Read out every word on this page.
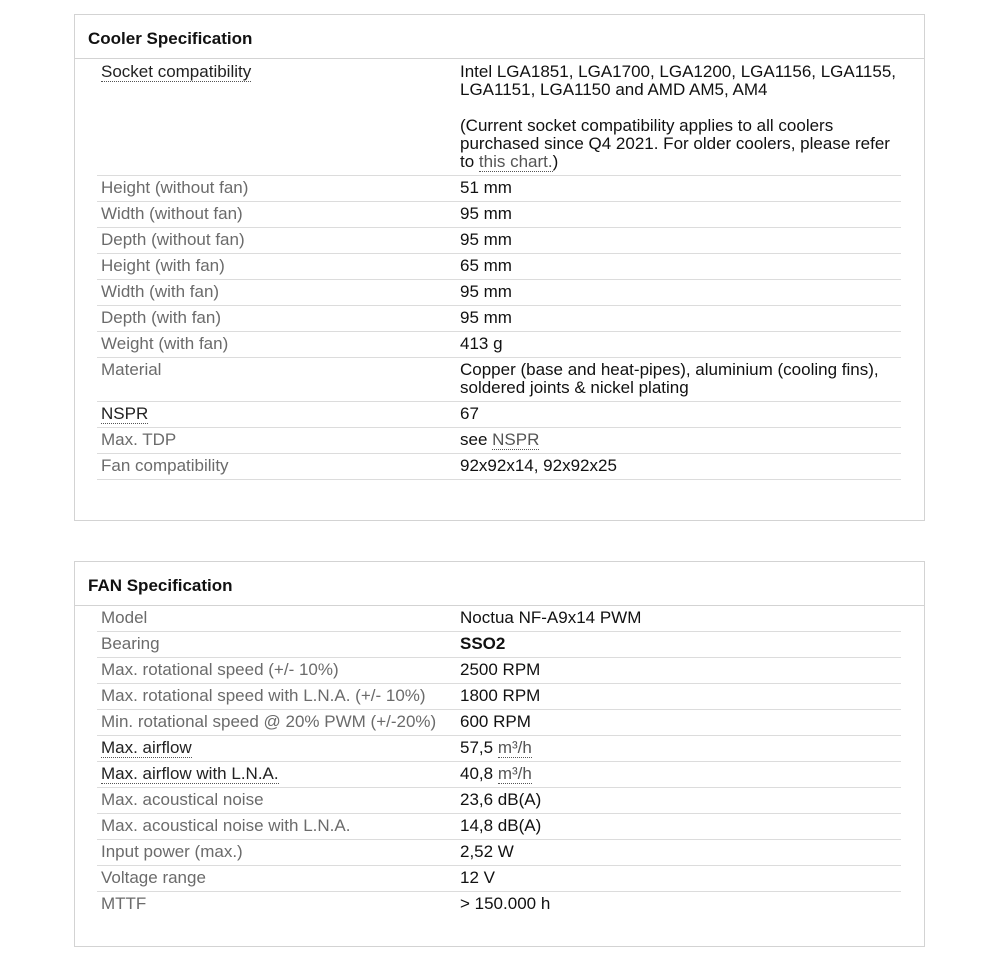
Cooler Specification
Socket compatibility	Intel LGA1851, LGA1700, LGA1200, LGA1156, LGA1155, LGA1151, LGA1150 and AMD AM5, AM4
(Current socket compatibility applies to all coolers purchased since Q4 2021. For older coolers, please refer to this chart.)

Height (without fan)	51 mm
Width (without fan)	95 mm
Depth (without fan)	95 mm
Height (with fan)	65 mm
Width (with fan)	95 mm
Depth (with fan)	95 mm
Weight (with fan)	413 g
Material	Copper (base and heat-pipes), aluminium (cooling fins), soldered joints & nickel plating
NSPR	67
Max. TDP	see NSPR
Fan compatibility	92x92x14, 92x92x25
FAN Specification
Model	Noctua NF-A9x14 PWM
Bearing	SSO2
Max. rotational speed (+/- 10%)	2500 RPM
Max. rotational speed with L.N.A. (+/- 10%)	1800 RPM
Min. rotational speed @ 20% PWM (+/-20%)	600 RPM
Max. airflow	57,5 m³/h
Max. airflow with L.N.A.	40,8 m³/h
Max. acoustical noise	23,6 dB(A)
Max. acoustical noise with L.N.A.	14,8 dB(A)
Input power (max.)	2,52 W
Voltage range	12 V
MTTF	> 150.000 h
